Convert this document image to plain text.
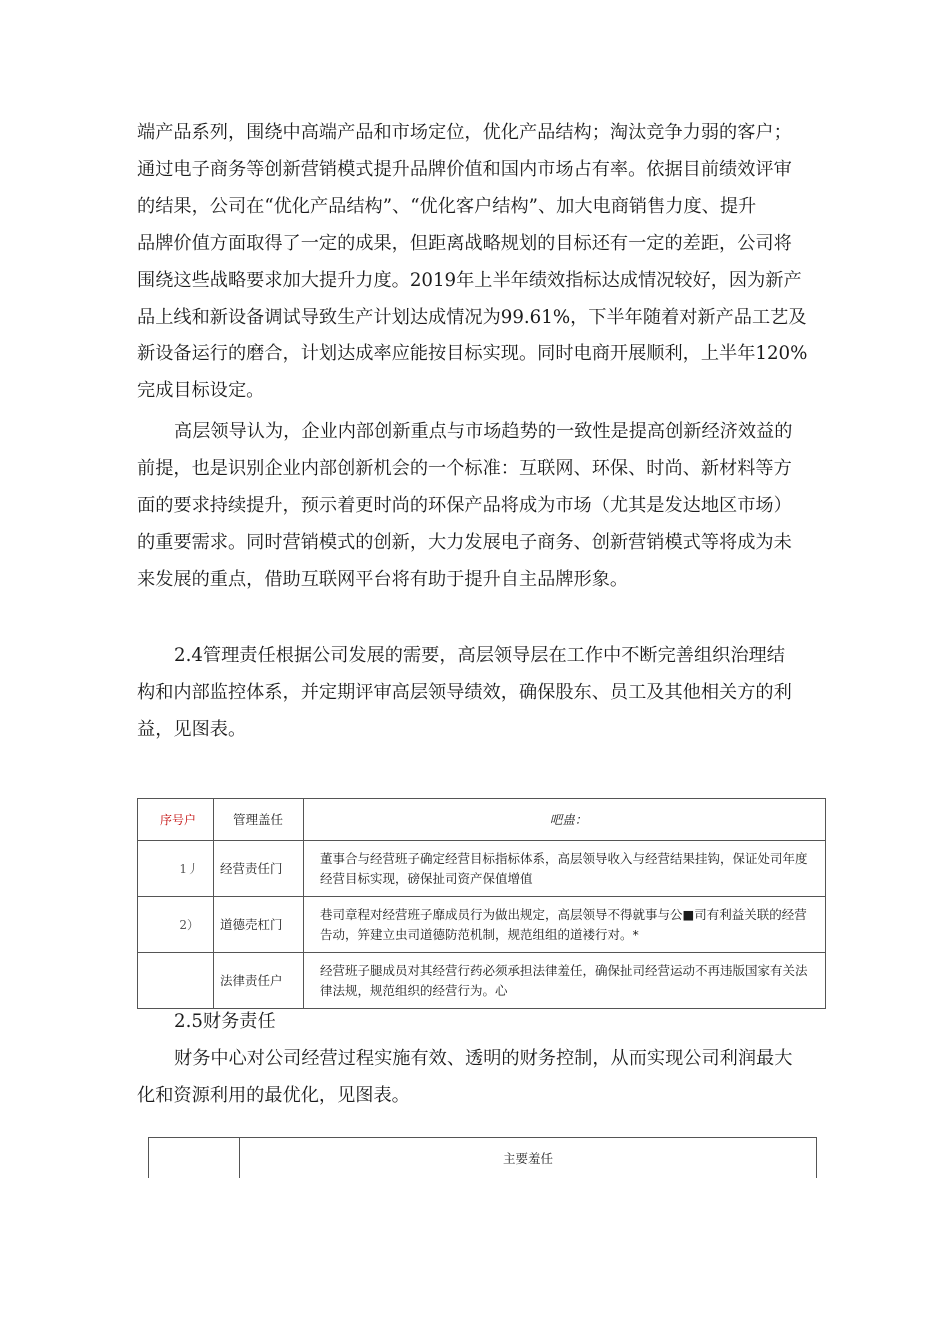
端产品系列，围绕中高端产品和市场定位，优化产品结构；淘汰竞争力弱的客户；
通过电子商务等创新营销模式提升品牌价值和国内市场占有率。依据目前绩效评审
的结果，公司在“优化产品结构”、“优化客户结构”、加大电商销售力度、提升
品牌价值方面取得了一定的成果，但距离战略规划的目标还有一定的差距，公司将
围绕这些战略要求加大提升力度。2019年上半年绩效指标达成情况较好，因为新产
品上线和新设备调试导致生产计划达成情况为99.61%，下半年随着对新产品工艺及
新设备运行的磨合，计划达成率应能按目标实现。同时电商开展顺利，上半年120%
完成目标设定。
高层领导认为，企业内部创新重点与市场趋势的一致性是提高创新经济效益的
前提，也是识别企业内部创新机会的一个标准：互联网、环保、时尚、新材料等方
面的要求持续提升，预示着更时尚的环保产品将成为市场（尤其是发达地区市场）
的重要需求。同时营销模式的创新，大力发展电子商务、创新营销模式等将成为未
来发展的重点，借助互联网平台将有助于提升自主品牌形象。
2.4管理责任根据公司发展的需要，高层领导层在工作中不断完善组织治理结
构和内部监控体系，并定期评审高层领导绩效，确保股东、员工及其他相关方的利
益，见图表。
序号户	管理盖任	吧蛊：
1丿	经营责任门	董事合与经营班子确定经营目标指标体系，高层领导收入与经营结果挂钩，保证处司年度经营目标实现，磅保扯司资产保值增值
2）	道德売杠门	巷司章程对经营班子靡成员行为做出规定，高层领导不得就事与公■司有利益关联的经营告动，笄建立虫司道德防范机制，规范组组的道褛行对。*
	法律责任户	经营班子腿成员对其经营行药必须承担法律羞任，确保扯司经营运动不再违版国家有关法律法规，规范组织的经营行为。心
2.5财务责任
财务中心对公司经营过程实施有效、透明的财务控制，从而实现公司利润最大
化和资源利用的最优化，见图表。
	主要羞任
